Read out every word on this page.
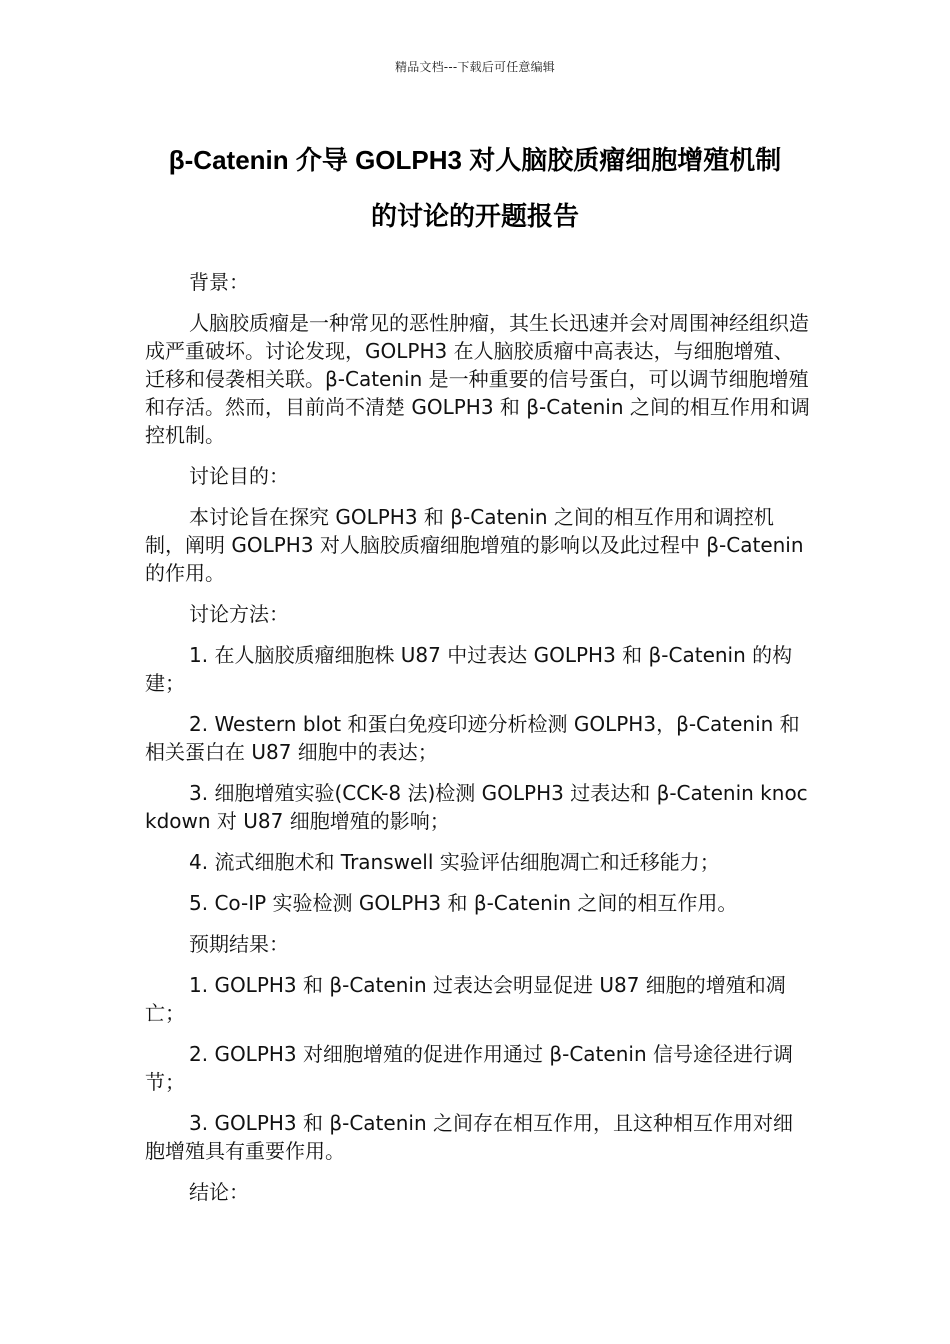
精品文档---下载后可任意编辑
β-Catenin 介导 GOLPH3 对人脑胶质瘤细胞增殖机制
的讨论的开题报告

背景：

人脑胶质瘤是一种常见的恶性肿瘤，其生长迅速并会对周围神经组织造成严重破坏。讨论发现，GOLPH3 在人脑胶质瘤中高表达，与细胞增殖、迁移和侵袭相关联。β-Catenin 是一种重要的信号蛋白，可以调节细胞增殖和存活。然而，目前尚不清楚 GOLPH3 和 β-Catenin 之间的相互作用和调控机制。

讨论目的：

本讨论旨在探究 GOLPH3 和 β-Catenin 之间的相互作用和调控机制，阐明 GOLPH3 对人脑胶质瘤细胞增殖的影响以及此过程中 β-Catenin 的作用。

讨论方法：

1. 在人脑胶质瘤细胞株 U87 中过表达 GOLPH3 和 β-Catenin 的构建；

2. Western blot 和蛋白免疫印迹分析检测 GOLPH3，β-Catenin 和相关蛋白在 U87 细胞中的表达；

3. 细胞增殖实验(CCK-8 法)检测 GOLPH3 过表达和 β-Catenin knockdown 对 U87 细胞增殖的影响；

4. 流式细胞术和 Transwell 实验评估细胞凋亡和迁移能力；

5. Co-IP 实验检测 GOLPH3 和 β-Catenin 之间的相互作用。

预期结果：

1. GOLPH3 和 β-Catenin 过表达会明显促进 U87 细胞的增殖和凋亡；

2. GOLPH3 对细胞增殖的促进作用通过 β-Catenin 信号途径进行调节；

3. GOLPH3 和 β-Catenin 之间存在相互作用，且这种相互作用对细胞增殖具有重要作用。

结论：
